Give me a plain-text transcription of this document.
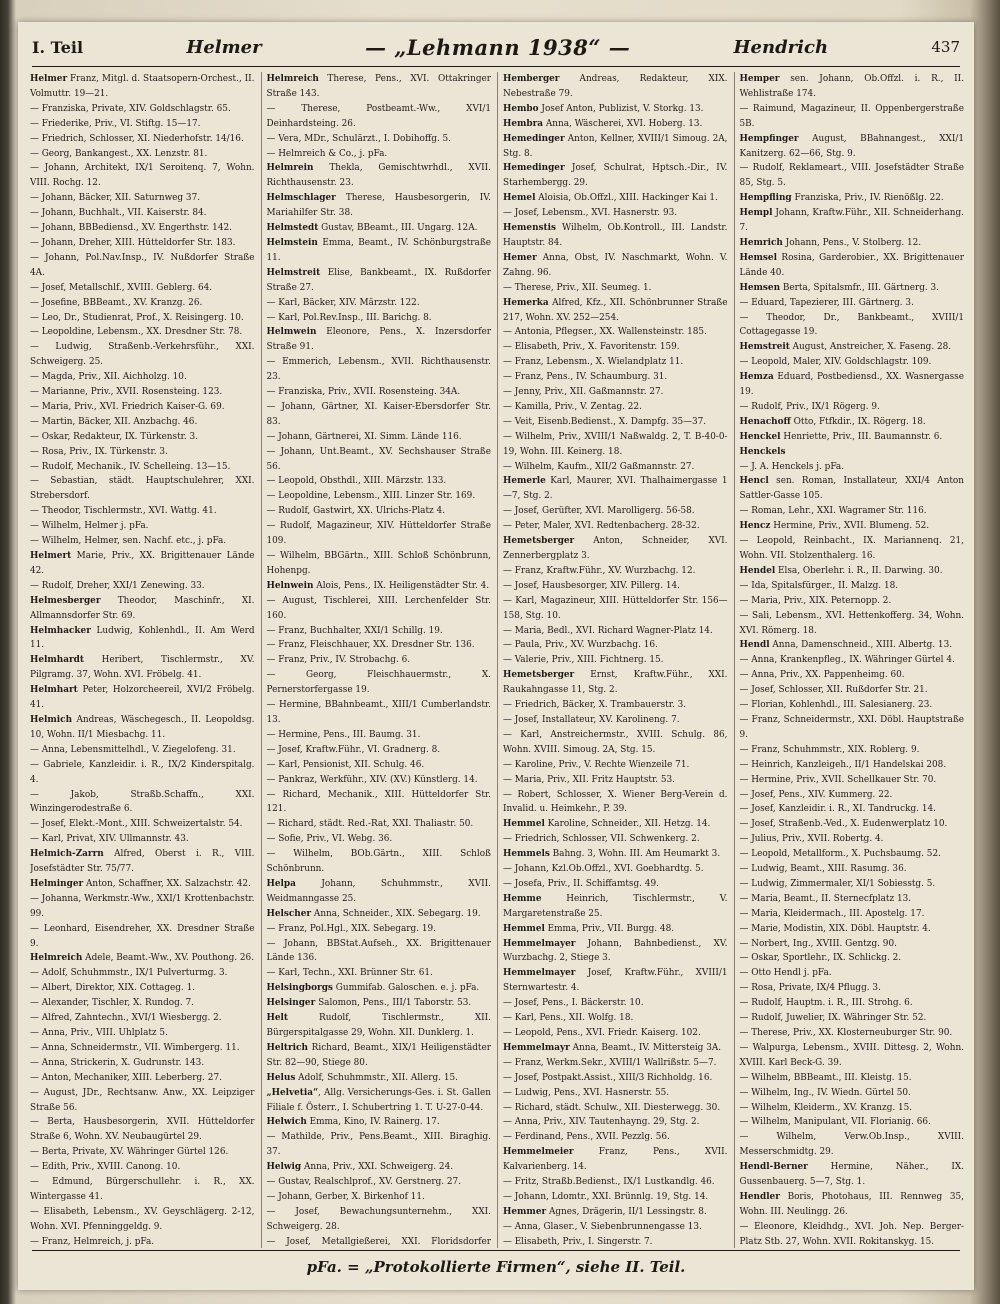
I. Teil	Helmer	— „Lehmann 1938“ —	Hendrich	437

Helmer Franz, Mitgl. d. Staatsopern-Orchest., II. Volmuttr. 19—21.

— Franziska, Private, XIV. Goldschlagstr. 65.

— Friederike, Priv., VI. Stiftg. 15—17.

— Friedrich, Schlosser, XI. Niederhofstr. 14/16.

— Georg, Bankangest., XX. Lenzstr. 81.

— Johann, Architekt, IX/1 Seroitenq. 7, Wohn. VIII. Rochg. 12.

— Johann, Bäcker, XII. Saturnweg 37.

— Johann, Buchhalt., VII. Kaiserstr. 84.

— Johann, BBBediensd., XV. Engerthstr. 142.

— Johann, Dreher, XIII. Hütteldorfer Str. 183.

— Johann, Pol.Nav.Insp., IV. Nußdorfer Straße 4A.

— Josef, Metallschlf., XVIII. Geblerg. 64.

— Josefine, BBBeamt., XV. Kranzg. 26.

— Leo, Dr., Studienrat, Prof., X. Reisingerg. 10.

— Leopoldine, Lebensm., XX. Dresdner Str. 78.

— Ludwig, Straßenb.-Verkehrsführ., XXI. Schweigerg. 25.

— Magda, Priv., XII. Aichholzg. 10.

— Marianne, Priv., XVII. Rosensteing. 123.

— Maria, Priv., XVI. Friedrich Kaiser-G. 69.

— Martin, Bäcker, XII. Anzbachg. 46.

— Oskar, Redakteur, IX. Türkenstr. 3.

— Rosa, Priv., IX. Türkenstr. 3.

— Rudolf, Mechanik., IV. Schelleing. 13—15.

— Sebastian, städt. Hauptschulehrer, XXI. Strebersdorf.

— Theodor, Tischlermstr., XVI. Wattg. 41.

— Wilhelm, Helmer j. pFa.

— Wilhelm, Helmer, sen. Nachf. etc., j. pFa.

Helmert Marie, Priv., XX. Brigittenauer Lände 42.

— Rudolf, Dreher, XXI/1 Zenewing. 33.

Helmesberger Theodor, Maschinfr., XI. Allmannsdorfer Str. 69.

Helmhacker Ludwig, Kohlenhdl., II. Am Werd 11.

Helmhardt Heribert, Tischlermstr., XV. Pilgramg. 37, Wohn. XVI. Fröbelg. 41.

Helmhart Peter, Holzorcheereil, XVI/2 Fröbelg. 41.

Helmich Andreas, Wäschegesch., II. Leopoldsg. 10, Wohn. II/1 Miesbachg. 11.

— Anna, Lebensmittelhdl., V. Ziegelofeng. 31.

— Gabriele, Kanzleidir. i. R., IX/2 Kinderspitalg. 4.

— Jakob, Straßb.Schaffn., XXI. Winzingerodestraße 6.

— Josef, Elekt.-Mont., XIII. Schweizertalstr. 54.

— Karl, Privat, XIV. Ullmannstr. 43.

Helmich-Zarrn Alfred, Oberst i. R., VIII. Josefstädter Str. 75/77.

Helminger Anton, Schaffner, XX. Salzachstr. 42.

— Johanna, Werkmstr.-Ww., XXI/1 Krottenbachstr. 99.

— Leonhard, Eisendreher, XX. Dresdner Straße 9.

Helmreich Adele, Beamt.-Ww., XV. Pouthong. 26.

— Adolf, Schuhmmstr., IX/1 Pulverturmg. 3.

— Albert, Direktor, XIX. Cottageg. 1.

— Alexander, Tischler, X. Rundog. 7.

— Alfred, Zahntechn., XVI/1 Wiesbergg. 2.

— Anna, Priv., VIII. Uhlplatz 5.

— Anna, Schneidermstr., VII. Wimbergerg. 11.

— Anna, Strickerin, X. Gudrunstr. 143.

— Anton, Mechaniker, XIII. Leberberg. 27.

— August, JDr., Rechtsanw. Anw., XX. Leipziger Straße 56.

— Berta, Hausbesorgerin, XVII. Hütteldorfer Straße 6, Wohn. XV. Neubaugürtel 29.

— Berta, Private, XV. Währinger Gürtel 126.

— Edith, Priv., XVIII. Canong. 10.

— Edmund, Bürgerschullehr. i. R., XX. Wintergasse 41.

— Elisabeth, Lebensm., XV. Geyschlägerg. 2-12, Wohn. XVI. Pfenninggeldg. 9.

— Franz, Helmreich, j. pFa.

Helmreich Therese, Pens., XVI. Ottakringer Straße 143.

— Therese, Postbeamt.-Ww., XVI/1 Deinhardsteing. 26.

— Vera, MDr., Schulärzt., I. Dobihoffg. 5.

— Helmreich & Co., j. pFa.

Helmrein Thekla, Gemischtwrhdl., XVII. Richthausenstr. 23.

Helmschlager Therese, Hausbesorgerin, IV. Mariahilfer Str. 38.

Helmstedt Gustav, BBeamt., III. Ungarg. 12A.

Helmstein Emma, Beamt., IV. Schönburgstraße 11.

Helmstreit Elise, Bankbeamt., IX. Rußdorfer Straße 27.

— Karl, Bäcker, XIV. Märzstr. 122.

— Karl, Pol.Rev.Insp., III. Barichg. 8.

Helmwein Eleonore, Pens., X. Inzersdorfer Straße 91.

— Emmerich, Lebensm., XVII. Richthausenstr. 23.

— Franziska, Priv., XVII. Rosensteing. 34A.

— Johann, Gärtner, XI. Kaiser-Ebersdorfer Str. 83.

— Johann, Gärtnerei, XI. Simm. Lände 116.

— Johann, Unt.Beamt., XV. Sechshauser Straße 56.

— Leopold, Obsthdl., XIII. Märzstr. 133.

— Leopoldine, Lebensm., XIII. Linzer Str. 169.

— Rudolf, Gastwirt, XX. Ulrichs-Platz 4.

— Rudolf, Magazineur, XIV. Hütteldorfer Straße 109.

— Wilhelm, BBGärtn., XIII. Schloß Schönbrunn, Hohenpg.

Helnwein Alois, Pens., IX. Heiligenstädter Str. 4.

— August, Tischlerei, XIII. Lerchenfelder Str. 160.

— Franz, Buchhalter, XXI/1 Schillg. 19.

— Franz, Fleischhauer, XX. Dresdner Str. 136.

— Franz, Priv., IV. Strobachg. 6.

— Georg, Fleischhauermstr., X. Pernerstorfergasse 19.

— Hermine, BBahnbeamt., XIII/1 Cumberlandstr. 13.

— Hermine, Pens., III. Baumg. 31.

— Josef, Kraftw.Führ., VI. Gradnerg. 8.

— Karl, Pensionist, XII. Schulg. 46.

— Pankraz, Werkführ., XIV. (XV.) Künstlerg. 14.

— Richard, Mechanik., XIII. Hütteldorfer Str. 121.

— Richard, städt. Red.-Rat, XXI. Thaliastr. 50.

— Sofie, Priv., VI. Webg. 36.

— Wilhelm, BOb.Gärtn., XIII. Schloß Schönbrunn.

Helpa Johann, Schuhmmstr., XVII. Weidmanngasse 25.

Helscher Anna, Schneider., XIX. Sebegarg. 19.

— Franz, Pol.Hgl., XIX. Sebegarg. 19.

— Johann, BBStat.Aufseh., XX. Brigittenauer Lände 136.

— Karl, Techn., XXI. Brünner Str. 61.

Helsingborgs Gummifab. Galoschen. e. j. pFa.

Helsinger Salomon, Pens., III/1 Taborstr. 53.

Helt Rudolf, Tischlermstr., XII. Bürgerspitalgasse 29, Wohn. XII. Dunklerg. 1.

Heltrich Richard, Beamt., XIX/1 Heiligenstädter Str. 82—90, Stiege 80.

Helus Adolf, Schuhmmstr., XII. Allerg. 15.

„Helvetia“, Allg. Versicherungs-Ges. i. St. Gallen Filiale f. Österr., I. Schubertring 1. T. U-27-0-44.

Helwich Emma, Kino, IV. Rainerg. 17.

— Mathilde, Priv., Pens.Beamt., XIII. Biraghig. 37.

Helwig Anna, Priv., XXI. Schweigerg. 24.

— Gustav, Realschlprof., XV. Gerstnerg. 27.

— Johann, Gerber, X. Birkenhof 11.

— Josef, Bewachungsunternehm., XXI. Schweigerg. 28.

— Josef, Metallgießerei, XXI. Floridsdorfer

Hemberger Andreas, Redakteur, XIX. Nebestraße 79.

Hembo Josef Anton, Publizist, V. Storkg. 13.

Hembra Anna, Wäscherei, XVI. Hoberg. 13.

Hemedinger Anton, Kellner, XVIII/1 Simoug. 2A, Stg. 8.

Hemedinger Josef, Schulrat, Hptsch.-Dir., IV. Starhembergg. 29.

Hemel Aloisia, Ob.Offzl., XIII. Hackinger Kai 1.

— Josef, Lebensm., XVI. Hasnerstr. 93.

Hemenstis Wilhelm, Ob.Kontroll., III. Landstr. Hauptstr. 84.

Hemer Anna, Obst, IV. Naschmarkt, Wohn. V. Zahng. 96.

— Therese, Priv., XII. Seumeg. 1.

Hemerka Alfred, Kfz., XII. Schönbrunner Straße 217, Wohn. XV. 252—254.

— Antonia, Pflegser., XX. Wallensteinstr. 185.

— Elisabeth, Priv., X. Favoritenstr. 159.

— Franz, Lebensm., X. Wielandplatz 11.

— Franz, Pens., IV. Schaumburg. 31.

— Jenny, Priv., XII. Gaßmannstr. 27.

— Kamilla, Priv., V. Zentag. 22.

— Veit, Eisenb.Bedienst., X. Dampfg. 35—37.

— Wilhelm, Priv., XVIII/1 Naßwaldg. 2, T. B-40-0-19, Wohn. III. Keinerg. 18.

— Wilhelm, Kaufm., XII/2 Gaßmannstr. 27.

Hemerle Karl, Maurer, XVI. Thalhaimergasse 1—7, Stg. 2.

— Josef, Gerüfter, XVI. Marolligerg. 56-58.

— Peter, Maler, XVI. Redtenbacherg. 28-32.

Hemetsberger Anton, Schneider, XVI. Zennerbergplatz 3.

— Franz, Kraftw.Führ., XV. Wurzbachg. 12.

— Josef, Hausbesorger, XIV. Pillerg. 14.

— Karl, Magazineur, XIII. Hütteldorfer Str. 156—158, Stg. 10.

— Maria, Bedl., XVI. Richard Wagner-Platz 14.

— Paula, Priv., XV. Wurzbachg. 16.

— Valerie, Priv., XIII. Fichtnerg. 15.

Hemetsberger Ernst, Kraftw.Führ., XXI. Raukahngasse 11, Stg. 2.

— Friedrich, Bäcker, X. Trambauerstr. 3.

— Josef, Installateur, XV. Karolineng. 7.

— Karl, Anstreichermstr., XVIII. Schulg. 86, Wohn. XVIII. Simoug. 2A, Stg. 15.

— Karoline, Priv., V. Rechte Wienzeile 71.

— Maria, Priv., XII. Fritz Hauptstr. 53.

— Robert, Schlosser, X. Wiener Berg-Verein d. Invalid. u. Heimkehr., P. 39.

Hemmel Karoline, Schneider., XII. Hetzg. 14.

— Friedrich, Schlosser, VII. Schwenkerg. 2.

Hemmels Bahng. 3, Wohn. III. Am Heumarkt 3.

— Johann, Kzl.Ob.Offzl., XVI. Goebhardtg. 5.

— Josefa, Priv., II. Schiffamtsg. 49.

Hemme Heinrich, Tischlermstr., V. Margaretenstraße 25.

Hemmel Emma, Priv., VII. Burgg. 48.

Hemmelmayer Johann, Bahnbedienst., XV. Wurzbachg. 2, Stiege 3.

Hemmelmayer Josef, Kraftw.Führ., XVIII/1 Sternwartestr. 4.

— Josef, Pens., I. Bäckerstr. 10.

— Karl, Pens., XII. Wolfg. 18.

— Leopold, Pens., XVI. Friedr. Kaiserg. 102.

Hemmelmayr Anna, Beamt., IV. Mittersteig 3A.

— Franz, Werkm.Sekr., XVIII/1 Wallrißstr. 5—7.

— Josef, Postpakt.Assist., XIII/3 Richholdg. 16.

— Ludwig, Pens., XVI. Hasnerstr. 55.

— Richard, städt. Schulw., XII. Diesterwegg. 30.

— Anna, Priv., XIV. Tautenhayng. 29, Stg. 2.

— Ferdinand, Pens., XVII. Pezzlg. 56.

Hemmelmeier Franz, Pens., XVII. Kalvarienberg. 14.

— Fritz, Straßb.Bedienst., IX/1 Lustkandlg. 46.

— Johann, Ldomtr., XXI. Brünnlg. 19, Stg. 14.

Hemmer Agnes, Drägerin, II/1 Lessingstr. 8.

— Anna, Glaser., V. Siebenbrunnengasse 13.

— Elisabeth, Priv., I. Singerstr. 7.

Hemper sen. Johann, Ob.Offzl. i. R., II. Wehlistraße 174.

— Raimund, Magazineur, II. Oppenbergerstraße 5B.

Hempfinger August, BBahnangest., XXI/1 Kanitzerg. 62—66, Stg. 9.

— Rudolf, Reklameart., VIII. Josefstädter Straße 85, Stg. 5.

Hempfling Franziska, Priv., IV. Rienößlg. 22.

Hempl Johann, Kraftw.Führ., XII. Schneiderhang. 7.

Hemrich Johann, Pens., V. Stolberg. 12.

Hemsel Rosina, Garderobier., XX. Brigittenauer Lände 40.

Hemsen Berta, Spitalsmfr., III. Gärtnerg. 3.

— Eduard, Tapezierer, III. Gärtnerg. 3.

— Theodor, Dr., Bankbeamt., XVIII/1 Cottagegasse 19.

Hemstreit August, Anstreicher, X. Faseng. 28.

— Leopold, Maler, XIV. Goldschlagstr. 109.

Hemza Eduard, Postbediensd., XX. Wasnergasse 19.

— Rudolf, Priv., IX/1 Rögerg. 9.

Henachoff Otto, Ftfkdir., IX. Rögerg. 18.

Henckel Henriette, Priv., III. Baumannstr. 6.

Henckels

— J. A. Henckels j. pFa.

Hencl sen. Roman, Installateur, XXI/4 Anton Sattler-Gasse 105.

— Roman, Lehr., XXI. Wagramer Str. 116.

Hencz Hermine, Priv., XVII. Blumeng. 52.

— Leopold, Reinbacht., IX. Mariannenq. 21, Wohn. VII. Stolzenthalerg. 16.

Hendel Elsa, Oberlehr. i. R., II. Darwing. 30.

— Ida, Spitalsfürger., II. Malzg. 18.

— Maria, Priv., XIX. Peternopp. 2.

— Sali, Lebensm., XVI. Hettenkofferg. 34, Wohn. XVI. Römerg. 18.

Hendl Anna, Damenschneid., XIII. Albertg. 13.

— Anna, Krankenpfleg., IX. Währinger Gürtel 4.

— Anna, Priv., XX. Pappenheimg. 60.

— Josef, Schlosser, XII. Rußdorfer Str. 21.

— Florian, Kohlenhdl., III. Salesianerg. 23.

— Franz, Schneidermstr., XXI. Döbl. Hauptstraße 9.

— Franz, Schuhmmstr., XIX. Roblerg. 9.

— Heinrich, Kanzleigeh., II/1 Handelskai 208.

— Hermine, Priv., XVII. Schellkauer Str. 70.

— Josef, Pens., XIV. Kummerg. 22.

— Josef, Kanzleidir. i. R., XI. Tandruckg. 14.

— Josef, Straßenb.-Ved., X. Eudenwerplatz 10.

— Julius, Priv., XVII. Robertg. 4.

— Leopold, Metallform., X. Puchsbaumg. 52.

— Ludwig, Beamt., XIII. Rasumg. 36.

— Ludwig, Zimmermaler, XI/1 Sobiesstg. 5.

— Maria, Beamt., II. Sternecfplatz 13.

— Maria, Kleidermach., III. Apostelg. 17.

— Marie, Modistin, XIX. Döbl. Hauptstr. 4.

— Norbert, Ing., XVIII. Gentzg. 90.

— Oskar, Sportlehr., IX. Schlickg. 2.

— Otto Hendl j. pFa.

— Rosa, Private, IX/4 Pflugg. 3.

— Rudolf, Hauptm. i. R., III. Strohg. 6.

— Rudolf, Juwelier, IX. Währinger Str. 52.

— Therese, Priv., XX. Klosterneuburger Str. 90.

— Walpurga, Lebensm., XVIII. Dittesg. 2, Wohn. XVIII. Karl Beck-G. 39.

— Wilhelm, BBBeamt., III. Kleistg. 15.

— Wilhelm, Ing., IV. Wiedn. Gürtel 50.

— Wilhelm, Kleiderm., XV. Kranzg. 15.

— Wilhelm, Manipulant, VII. Florianig. 66.

— Wilhelm, Verw.Ob.Insp., XVIII. Messerschmidtg. 29.

Hendl-Berner Hermine, Näher., IX. Gussenbauerg. 5—7, Stg. 1.

Hendler Boris, Photohaus, III. Rennweg 35, Wohn. III. Neulingg. 26.

— Eleonore, Kleidhdg., XVI. Joh. Nep. Berger-Platz Stb. 27, Wohn. XVII. Rokitanskyg. 15.

pFa. = „Protokollierte Firmen“, siehe II. Teil.
